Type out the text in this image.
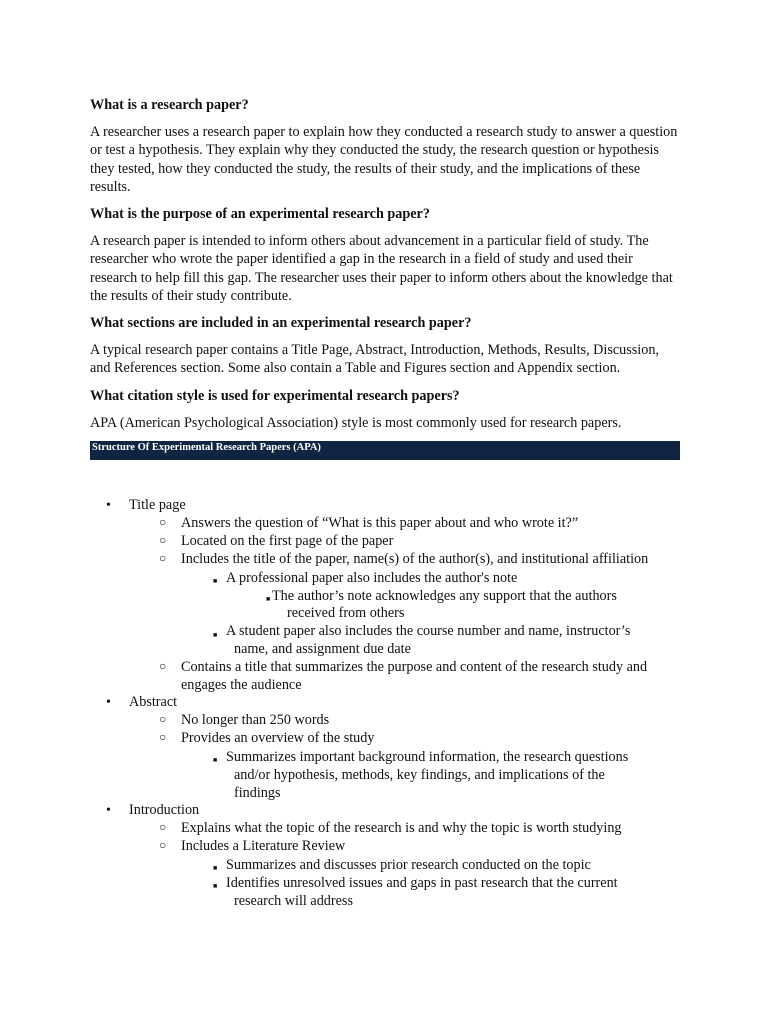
What is a research paper?
A researcher uses a research paper to explain how they conducted a research study to answer a question or test a hypothesis. They explain why they conducted the study, the research question or hypothesis they tested, how they conducted the study, the results of their study, and the implications of these results.
What is the purpose of an experimental research paper?
A research paper is intended to inform others about advancement in a particular field of study. The researcher who wrote the paper identified a gap in the research in a field of study and used their research to help fill this gap. The researcher uses their paper to inform others about the knowledge that the results of their study contribute.
What sections are included in an experimental research paper?
A typical research paper contains a Title Page, Abstract, Introduction, Methods, Results, Discussion, and References section. Some also contain a Table and Figures section and Appendix section.
What citation style is used for experimental research papers?
APA (American Psychological Association) style is most commonly used for research papers.
Structure Of Experimental Research Papers (APA)
• Title page
○ Answers the question of “What is this paper about and who wrote it?”
○ Located on the first page of the paper
○ Includes the title of the paper, name(s) of the author(s), and institutional affiliation
■ A professional paper also includes the author's note
■ The author’s note acknowledges any support that the authors
received from others
■ A student paper also includes the course number and name, instructor’s
name, and assignment due date
○ Contains a title that summarizes the purpose and content of the research study and
engages the audience
• Abstract
○ No longer than 250 words
○ Provides an overview of the study
■ Summarizes important background information, the research questions
and/or hypothesis, methods, key findings, and implications of the
findings
• Introduction
○ Explains what the topic of the research is and why the topic is worth studying
○ Includes a Literature Review
■ Summarizes and discusses prior research conducted on the topic
■ Identifies unresolved issues and gaps in past research that the current
research will address
